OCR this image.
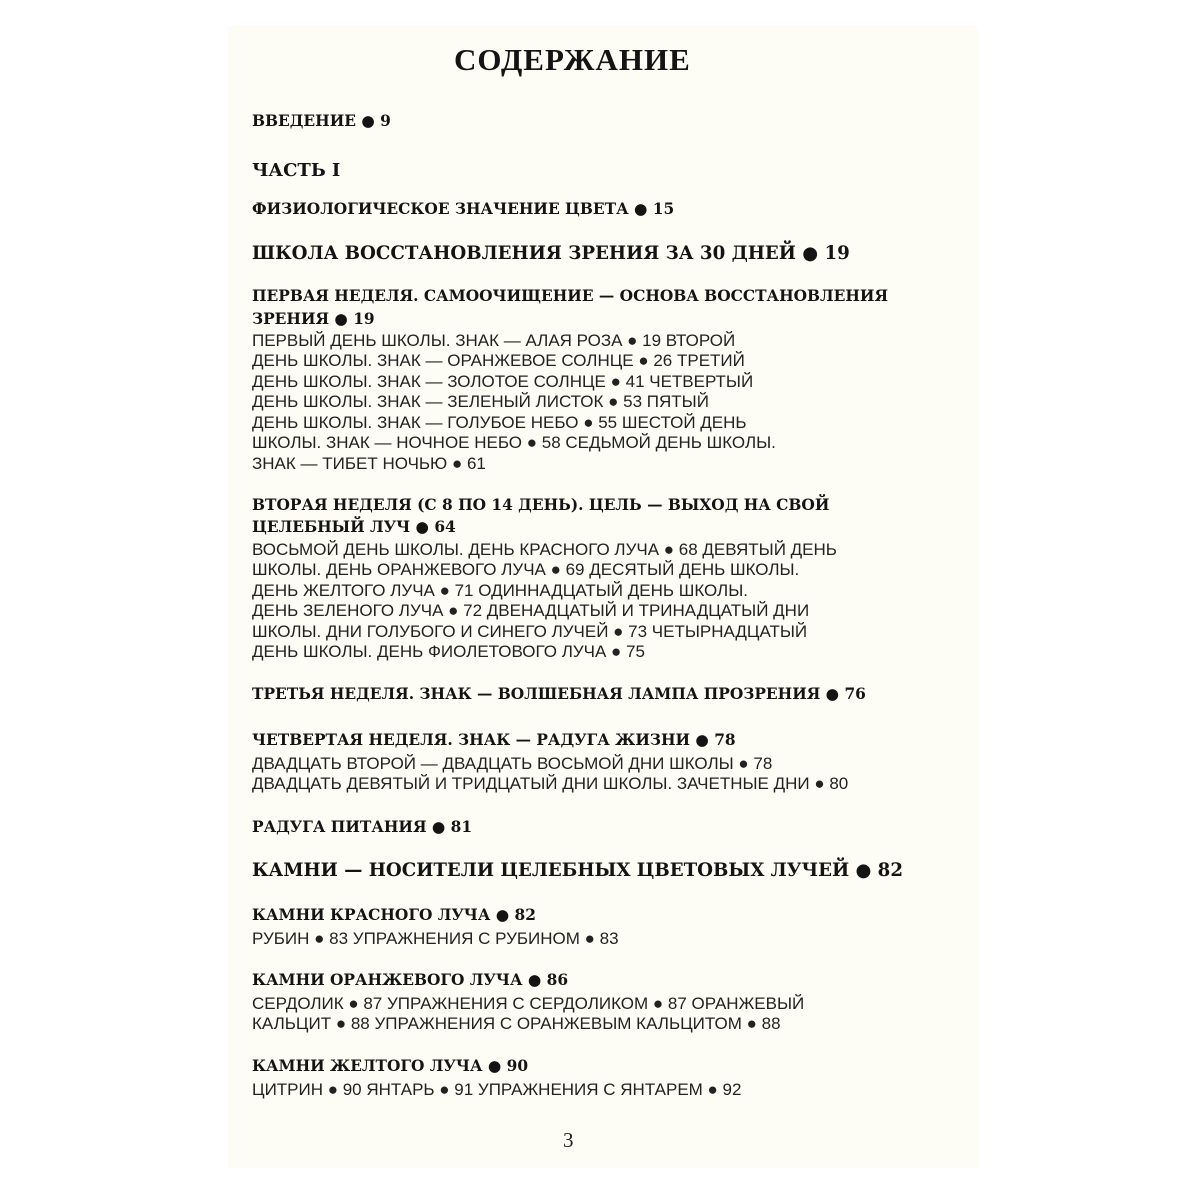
СОДЕРЖАНИЕ
ВВЕДЕНИЕ ● 9
ЧАСТЬ I
ФИЗИОЛОГИЧЕСКОЕ ЗНАЧЕНИЕ ЦВЕТА ● 15
ШКОЛА ВОССТАНОВЛЕНИЯ ЗРЕНИЯ ЗА 30 ДНЕЙ ● 19
ПЕРВАЯ НЕДЕЛЯ. САМООЧИЩЕНИЕ — ОСНОВА ВОССТАНОВЛЕНИЯ
ЗРЕНИЯ ● 19
ПЕРВЫЙ ДЕНЬ ШКОЛЫ. ЗНАК — АЛАЯ РОЗА ● 19 ВТОРОЙ
ДЕНЬ ШКОЛЫ. ЗНАК — ОРАНЖЕВОЕ СОЛНЦЕ ● 26 ТРЕТИЙ
ДЕНЬ ШКОЛЫ. ЗНАК — ЗОЛОТОЕ СОЛНЦЕ ● 41 ЧЕТВЕРТЫЙ
ДЕНЬ ШКОЛЫ. ЗНАК — ЗЕЛЕНЫЙ ЛИСТОК ● 53 ПЯТЫЙ
ДЕНЬ ШКОЛЫ. ЗНАК — ГОЛУБОЕ НЕБО ● 55 ШЕСТОЙ ДЕНЬ
ШКОЛЫ. ЗНАК — НОЧНОЕ НЕБО ● 58 СЕДЬМОЙ ДЕНЬ ШКОЛЫ.
ЗНАК — ТИБЕТ НОЧЬЮ ● 61
ВТОРАЯ НЕДЕЛЯ (С 8 ПО 14 ДЕНЬ). ЦЕЛЬ — ВЫХОД НА СВОЙ
ЦЕЛЕБНЫЙ ЛУЧ ● 64
ВОСЬМОЙ ДЕНЬ ШКОЛЫ. ДЕНЬ КРАСНОГО ЛУЧА ● 68 ДЕВЯТЫЙ ДЕНЬ
ШКОЛЫ. ДЕНЬ ОРАНЖЕВОГО ЛУЧА ● 69 ДЕСЯТЫЙ ДЕНЬ ШКОЛЫ.
ДЕНЬ ЖЕЛТОГО ЛУЧА ● 71 ОДИННАДЦАТЫЙ ДЕНЬ ШКОЛЫ.
ДЕНЬ ЗЕЛЕНОГО ЛУЧА ● 72 ДВЕНАДЦАТЫЙ И ТРИНАДЦАТЫЙ ДНИ
ШКОЛЫ. ДНИ ГОЛУБОГО И СИНЕГО ЛУЧЕЙ ● 73 ЧЕТЫРНАДЦАТЫЙ
ДЕНЬ ШКОЛЫ. ДЕНЬ ФИОЛЕТОВОГО ЛУЧА ● 75
ТРЕТЬЯ НЕДЕЛЯ. ЗНАК — ВОЛШЕБНАЯ ЛАМПА ПРОЗРЕНИЯ ● 76
ЧЕТВЕРТАЯ НЕДЕЛЯ. ЗНАК — РАДУГА ЖИЗНИ ● 78
ДВАДЦАТЬ ВТОРОЙ — ДВАДЦАТЬ ВОСЬМОЙ ДНИ ШКОЛЫ ● 78
ДВАДЦАТЬ ДЕВЯТЫЙ И ТРИДЦАТЫЙ ДНИ ШКОЛЫ. ЗАЧЕТНЫЕ ДНИ ● 80
РАДУГА ПИТАНИЯ ● 81
КАМНИ — НОСИТЕЛИ ЦЕЛЕБНЫХ ЦВЕТОВЫХ ЛУЧЕЙ ● 82
КАМНИ КРАСНОГО ЛУЧА ● 82
РУБИН ● 83 УПРАЖНЕНИЯ С РУБИНОМ ● 83
КАМНИ ОРАНЖЕВОГО ЛУЧА ● 86
СЕРДОЛИК ● 87 УПРАЖНЕНИЯ С СЕРДОЛИКОМ ● 87 ОРАНЖЕВЫЙ
КАЛЬЦИТ ● 88 УПРАЖНЕНИЯ С ОРАНЖЕВЫМ КАЛЬЦИТОМ ● 88
КАМНИ ЖЕЛТОГО ЛУЧА ● 90
ЦИТРИН ● 90 ЯНТАРЬ ● 91 УПРАЖНЕНИЯ С ЯНТАРЕМ ● 92
3
